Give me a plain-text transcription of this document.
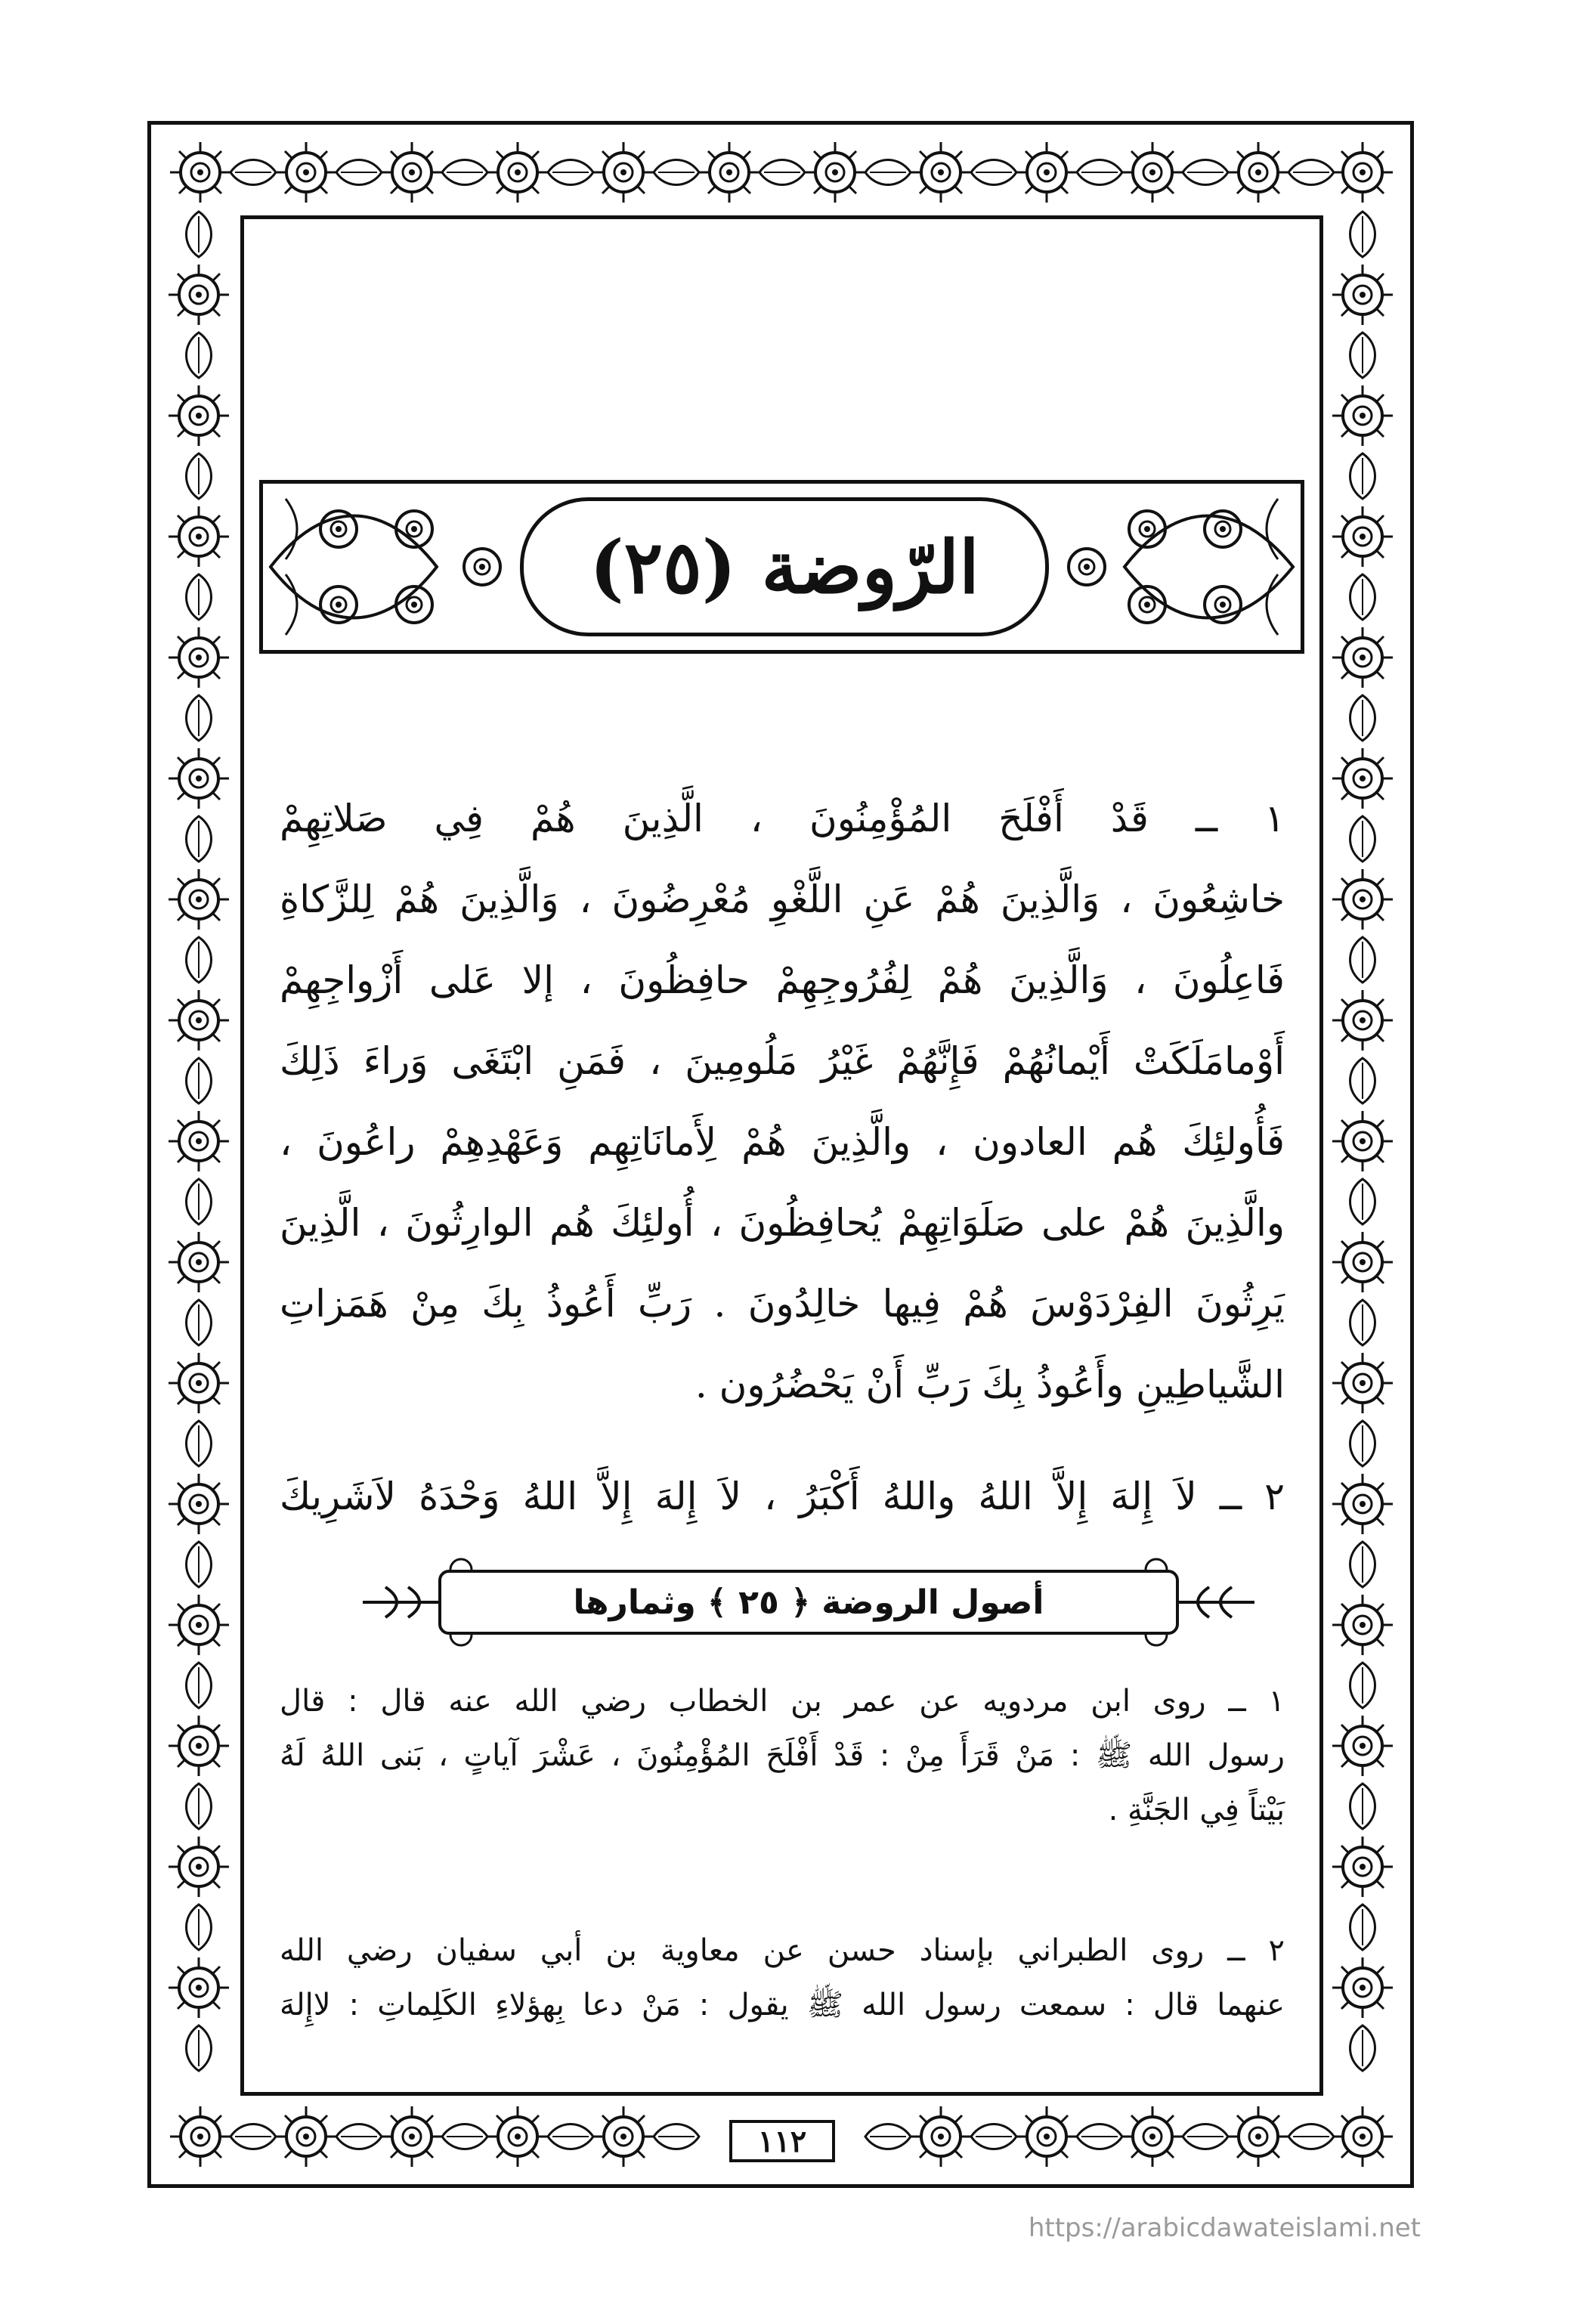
الرّوضة (٢٥)
١ ــ قَدْ أَفْلَحَ المُؤْمِنُونَ ، الَّذِينَ هُمْ فِي صَلاتِهِمْ
خاشِعُونَ ، وَالَّذِينَ هُمْ عَنِ اللَّغْوِ مُعْرِضُونَ ، وَالَّذِينَ هُمْ لِلزَّكاةِ
فَاعِلُونَ ، وَالَّذِينَ هُمْ لِفُرُوجِهِمْ حافِظُونَ ، إلا عَلى أَزْواجِهِمْ
أَوْمامَلَكَتْ أَيْمانُهُمْ فَإِنَّهُمْ غَيْرُ مَلُومِينَ ، فَمَنِ ابْتَغَى وَراءَ ذَلِكَ
فَأُولئِكَ هُم العادون ، والَّذِينَ هُمْ لِأَمانَاتِهِم وَعَهْدِهِمْ راعُونَ ،
والَّذِينَ هُمْ على صَلَوَاتِهِمْ يُحافِظُونَ ، أُولئِكَ هُم الوارِثُونَ ، الَّذِينَ
يَرِثُونَ الفِرْدَوْسَ هُمْ فِيها خالِدُونَ . رَبِّ أَعُوذُ بِكَ مِنْ هَمَزاتِ
الشَّياطِينِ وأَعُوذُ بِكَ رَبِّ أَنْ يَحْضُرُون .
٢ ــ لاَ إِلهَ إِلاَّ اللهُ واللهُ أَكْبَرُ ، لاَ إِلهَ إِلاَّ اللهُ وَحْدَهُ لاَشَرِيكَ
أصول الروضة ﴿ ٢٥ ﴾ وثمارها
١ ــ روى ابن مردويه عن عمر بن الخطاب رضي الله عنه قال : قال
رسول الله ﷺ : مَنْ قَرَأَ مِنْ : قَدْ أَفْلَحَ المُؤْمِنُونَ ، عَشْرَ آياتٍ ، بَنى اللهُ لَهُ
بَيْتاً فِي الجَنَّةِ .
٢ ــ روى الطبراني بإسناد حسن عن معاوية بن أبي سفيان رضي الله
عنهما قال : سمعت رسول الله ﷺ يقول : مَنْ دعا بِهؤلاءِ الكَلِماتِ : لاإِلهَ
١١٢
https://arabicdawateislami.net
